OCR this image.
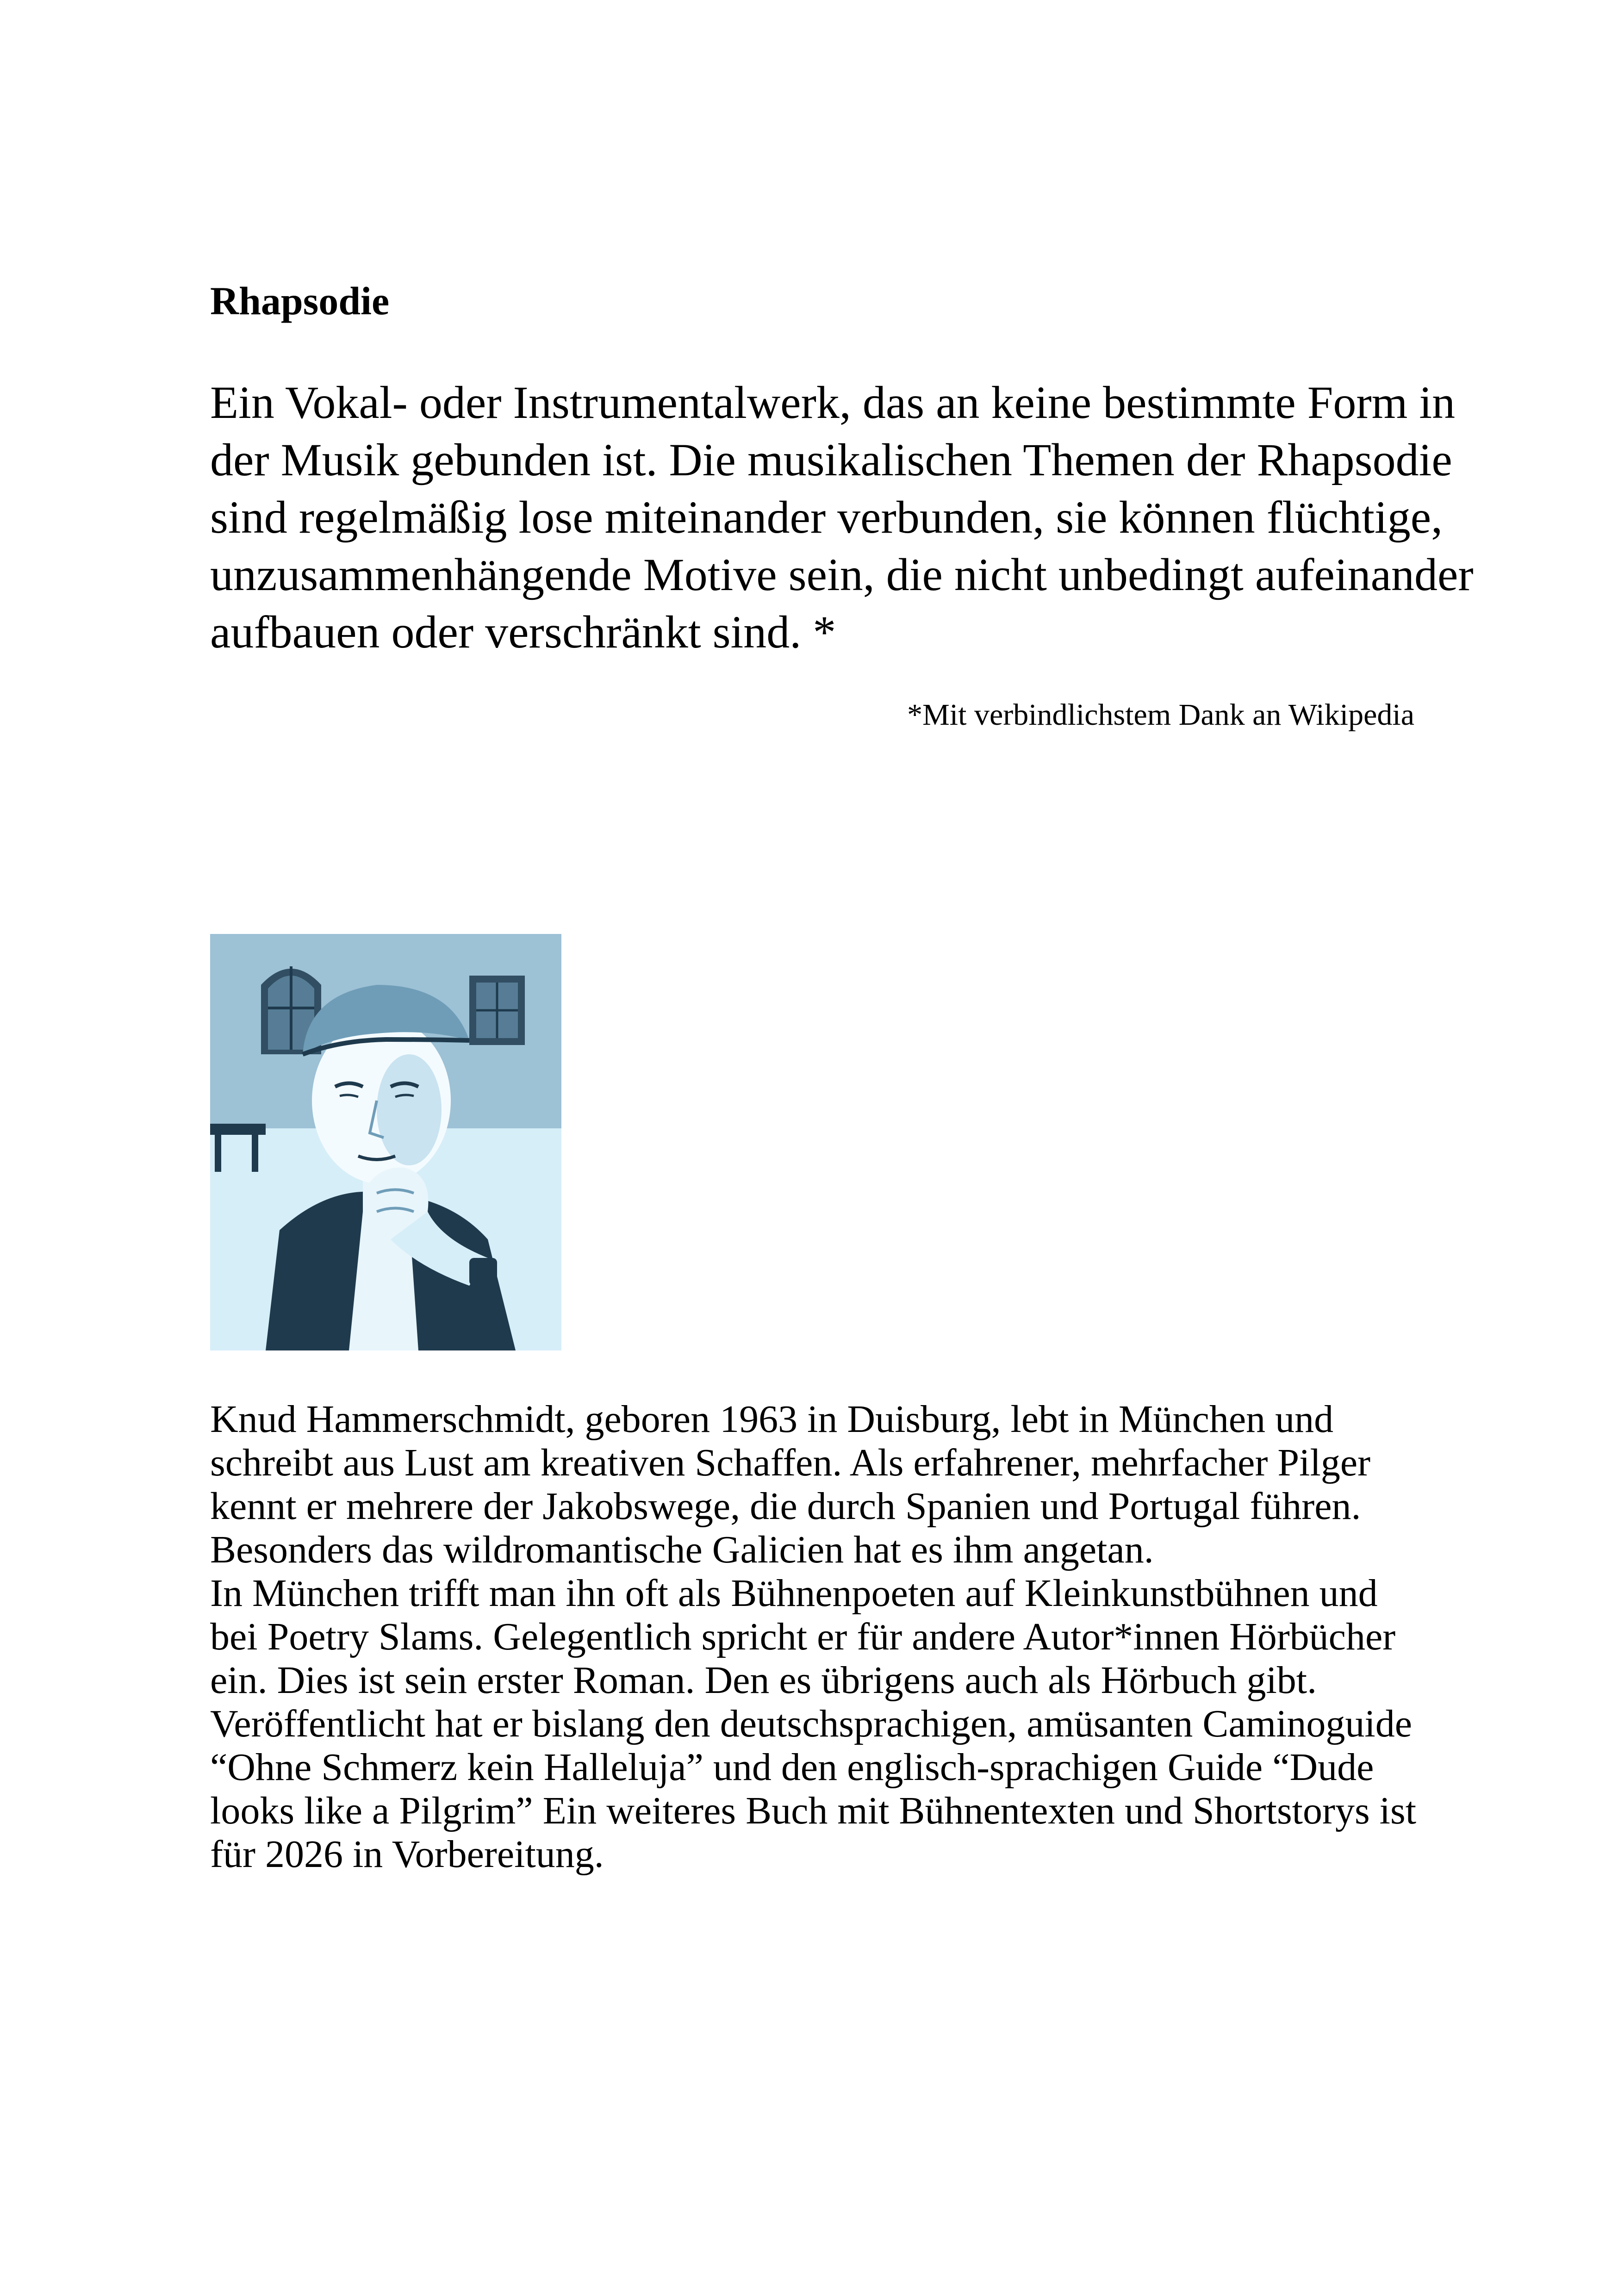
Rhapsodie

Ein Vokal- oder Instrumentalwerk, das an keine bestimmte Form in
der Musik gebunden ist. Die musikalischen Themen der Rhapsodie
sind regelmäßig lose miteinander verbunden, sie können flüchtige,
unzusammenhängende Motive sein, die nicht unbedingt aufeinander
aufbauen oder verschränkt sind. *

*Mit verbindlichstem Dank an Wikipedia

Knud Hammerschmidt, geboren 1963 in Duisburg, lebt in München und
schreibt aus Lust am kreativen Schaffen. Als erfahrener, mehrfacher Pilger
kennt er mehrere der Jakobswege, die durch Spanien und Portugal führen.
Besonders das wildromantische Galicien hat es ihm angetan.
In München trifft man ihn oft als Bühnenpoeten auf Kleinkunstbühnen und
bei Poetry Slams. Gelegentlich spricht er für andere Autor*innen Hörbücher
ein. Dies ist sein erster Roman. Den es übrigens auch als Hörbuch gibt.
Veröffentlicht hat er bislang den deutschsprachigen, amüsanten Caminoguide
“Ohne Schmerz kein Halleluja” und den englisch-sprachigen Guide “Dude
looks like a Pilgrim” Ein weiteres Buch mit Bühnentexten und Shortstorys ist
für 2026 in Vorbereitung.
